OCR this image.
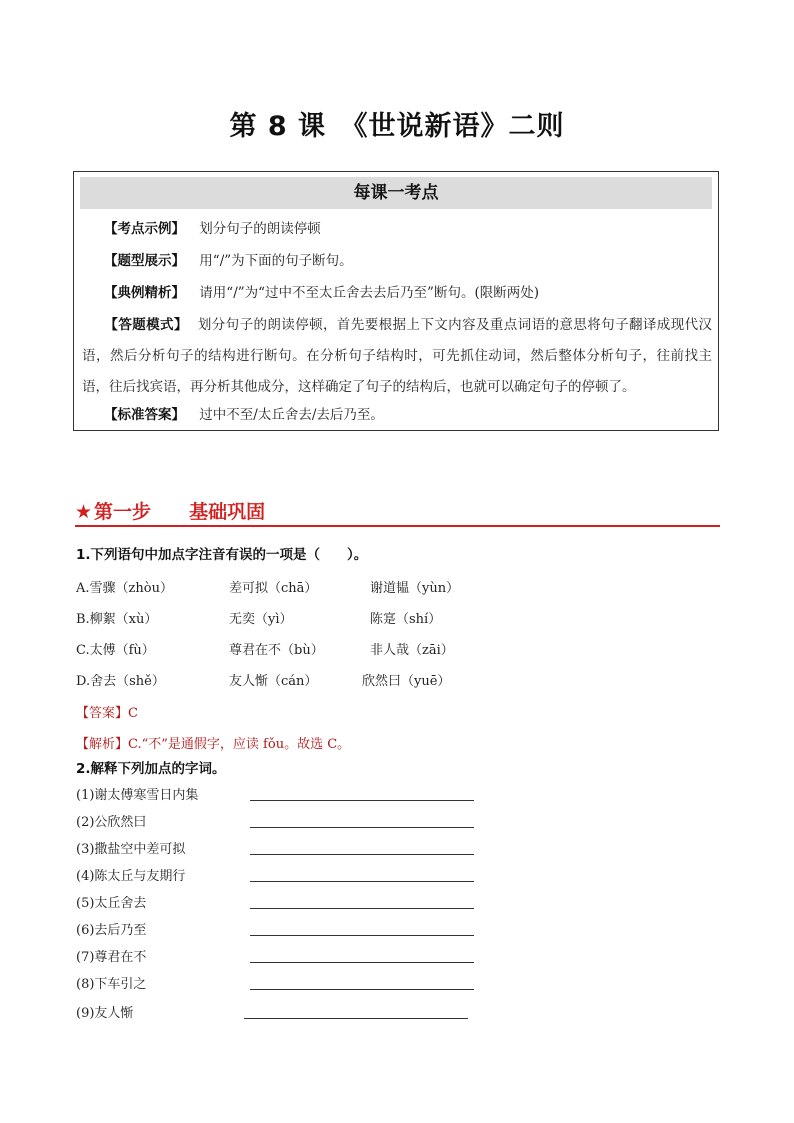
第 8 课　《世说新语》二则
每课一考点
【考点示例】 划分句子的朗读停顿
【题型展示】 用“/”为下面的句子断句。
【典例精析】 请用“/”为“过中不至太丘舍去去后乃至”断句。(限断两处)
【答题模式】 划分句子的朗读停顿，首先要根据上下文内容及重点词语的意思将句子翻译成现代汉语，然后分析句子的结构进行断句。在分析句子结构时，可先抓住动词，然后整体分析句子，往前找主语，往后找宾语，再分析其他成分，这样确定了句子的结构后，也就可以确定句子的停顿了。
【标准答案】 过中不至/太丘舍去/去后乃至。
★ 第一步 基础巩固
1.下列语句中加点字注音有误的一项是（　　）。
A.雪骤（zhòu）	差可拟（chā）	谢道韫（yùn）
B.柳絮（xù）	无奕（yì）	陈寔（shí）
C.太傅（fù）	尊君在不（bù）	非人哉（zāi）
D.舍去（shě）	友人惭（cán）	欣然曰（yuē）
【答案】C
【解析】C.“不”是通假字，应读 fǒu。故选 C。
2.解释下列加点的字词。
(1)谢太傅寒雪日内集
(2)公欣然曰
(3)撒盐空中差可拟
(4)陈太丘与友期行
(5)太丘舍去
(6)去后乃至
(7)尊君在不
(8)下车引之
(9)友人惭
